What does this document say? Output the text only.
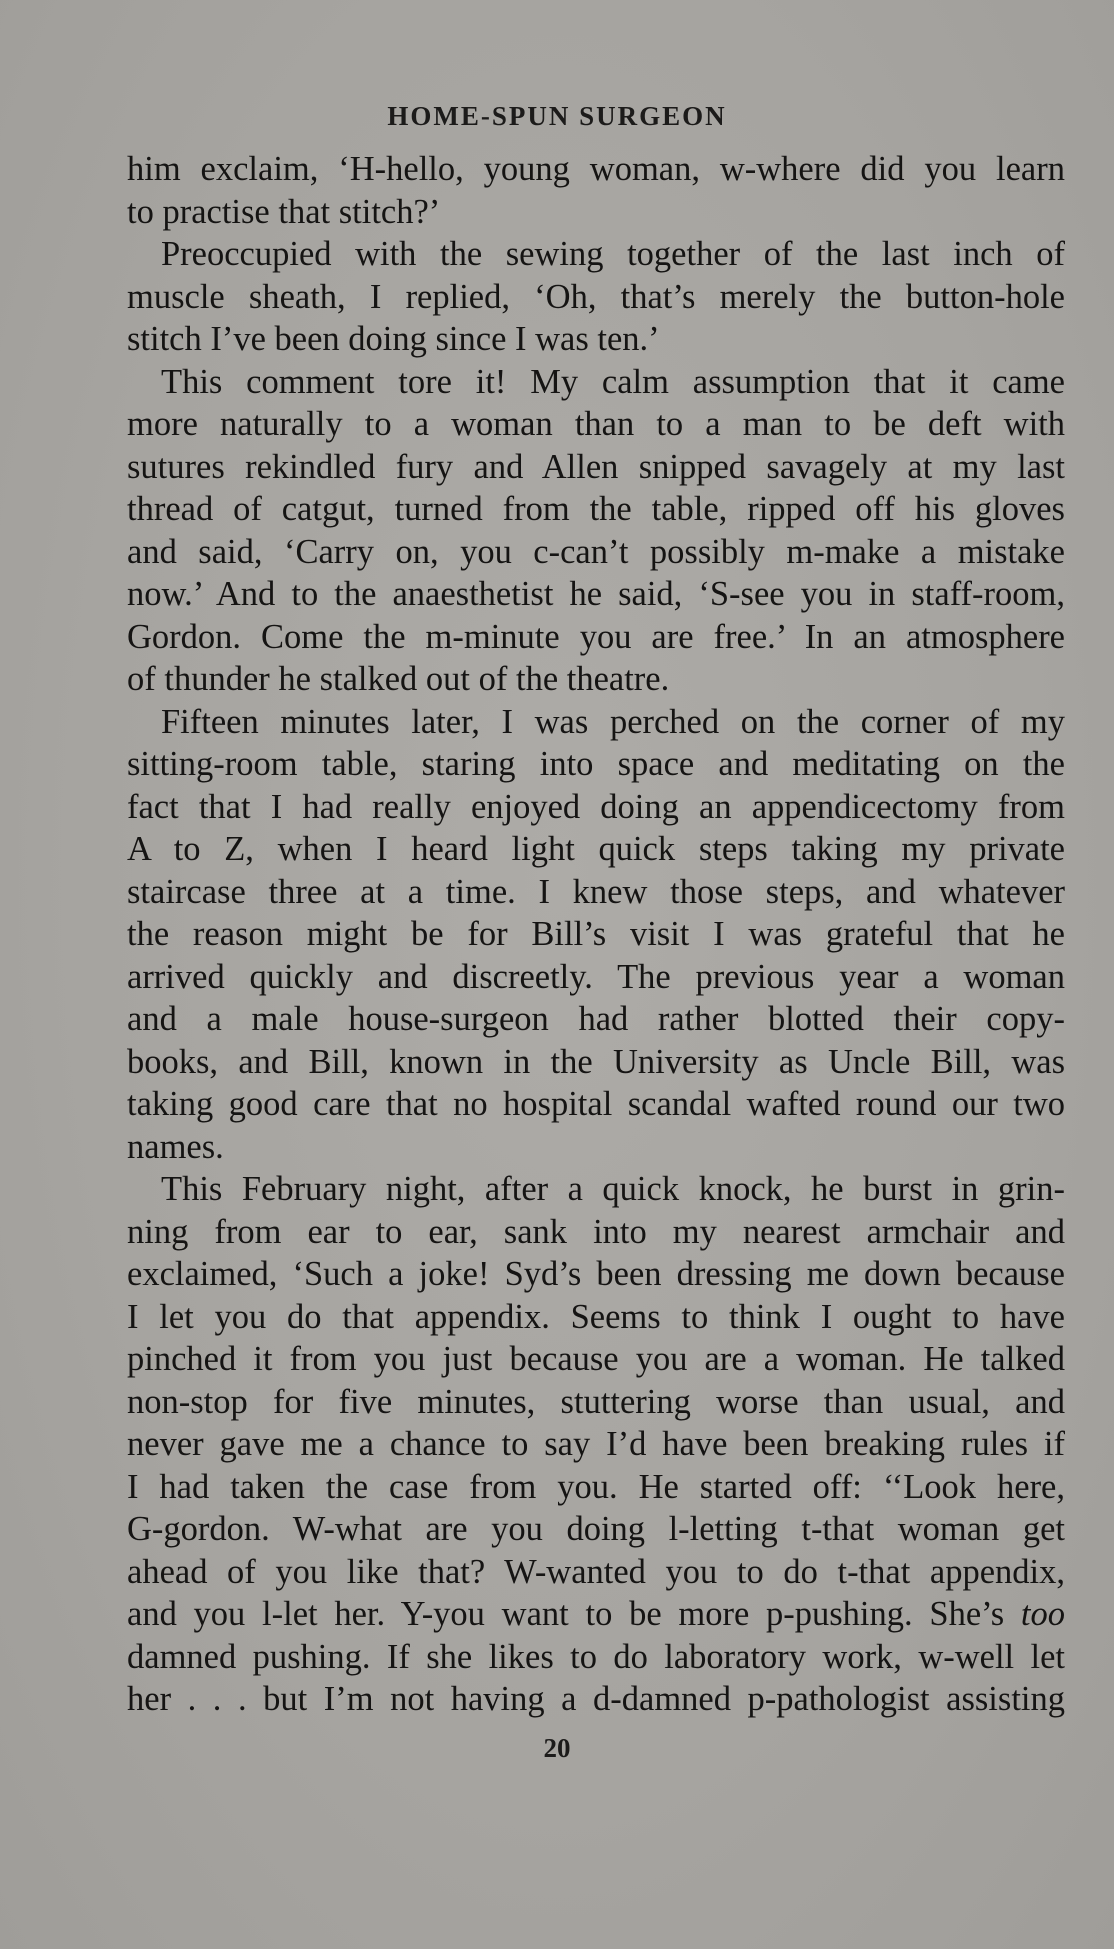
HOME-SPUN SURGEON
him exclaim, ‘H-hello, young woman, w-where did you learn
to practise that stitch?’
Preoccupied with the sewing together of the last inch of
muscle sheath, I replied, ‘Oh, that’s merely the button-hole
stitch I’ve been doing since I was ten.’
This comment tore it! My calm assumption that it came
more naturally to a woman than to a man to be deft with
sutures rekindled fury and Allen snipped savagely at my last
thread of catgut, turned from the table, ripped off his gloves
and said, ‘Carry on, you c-can’t possibly m-make a mistake
now.’ And to the anaesthetist he said, ‘S-see you in staff-room,
Gordon. Come the m-minute you are free.’ In an atmosphere
of thunder he stalked out of the theatre.
Fifteen minutes later, I was perched on the corner of my
sitting-room table, staring into space and meditating on the
fact that I had really enjoyed doing an appendicectomy from
A to Z, when I heard light quick steps taking my private
staircase three at a time. I knew those steps, and whatever
the reason might be for Bill’s visit I was grateful that he
arrived quickly and discreetly. The previous year a woman
and a male house-surgeon had rather blotted their copy-
books, and Bill, known in the University as Uncle Bill, was
taking good care that no hospital scandal wafted round our two
names.
This February night, after a quick knock, he burst in grin-
ning from ear to ear, sank into my nearest armchair and
exclaimed, ‘Such a joke! Syd’s been dressing me down because
I let you do that appendix. Seems to think I ought to have
pinched it from you just because you are a woman. He talked
non-stop for five minutes, stuttering worse than usual, and
never gave me a chance to say I’d have been breaking rules if
I had taken the case from you. He started off: ‘‘Look here,
G-gordon. W-what are you doing l-letting t-that woman get
ahead of you like that? W-wanted you to do t-that appendix,
and you l-let her. Y-you want to be more p-pushing. She’s too
damned pushing. If she likes to do laboratory work, w-well let
her . . . but I’m not having a d-damned p-pathologist assisting
20
